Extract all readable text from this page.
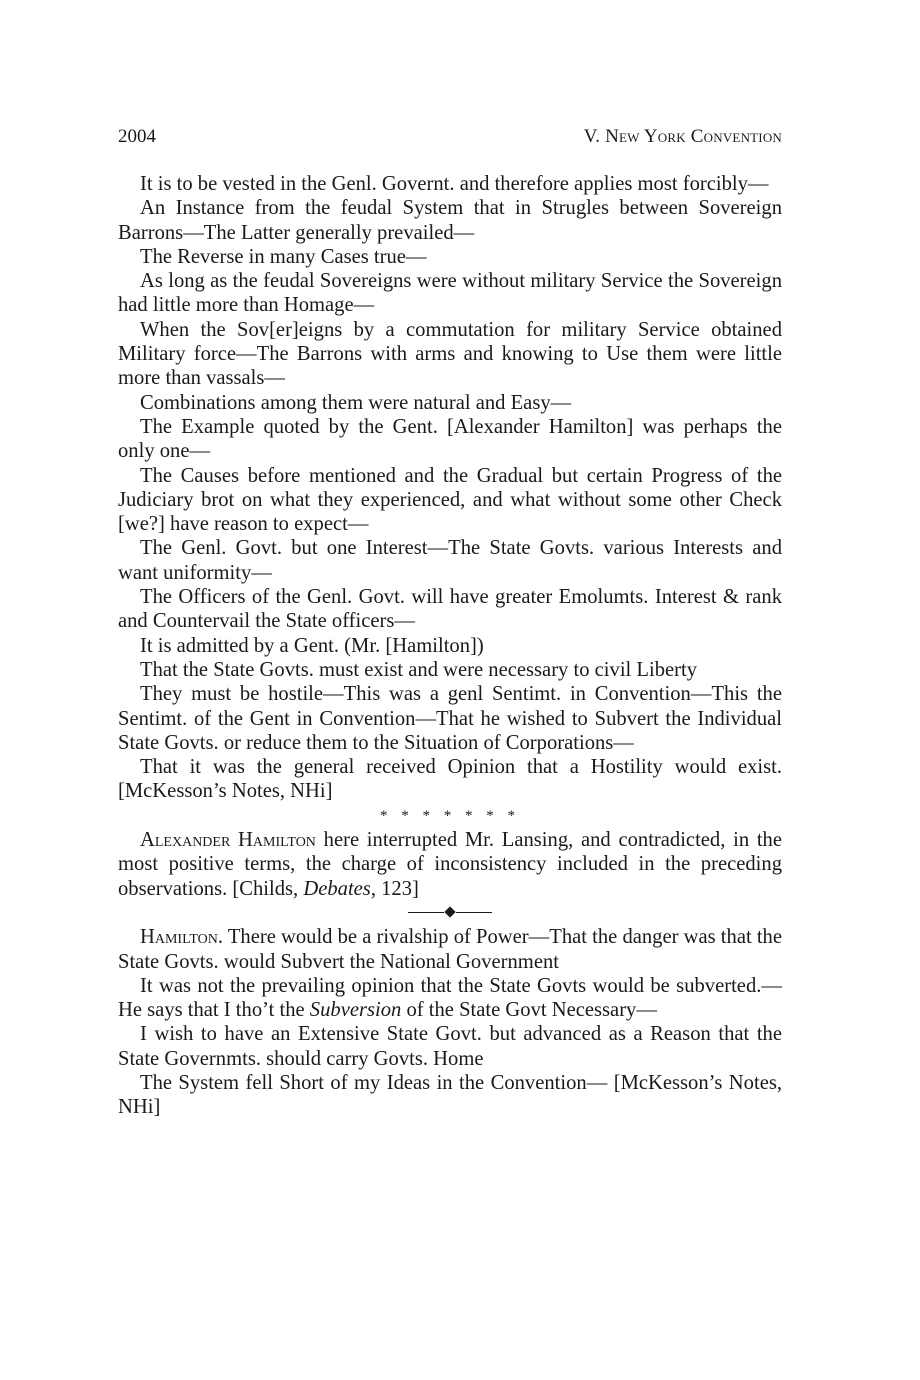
2004	V. New York Convention

It is to be vested in the Genl. Governt. and therefore applies most forcibly—

An Instance from the feudal System that in Strugles between Sovereign Barrons—The Latter generally prevailed—

The Reverse in many Cases true—

As long as the feudal Sovereigns were without military Service the Sovereign had little more than Homage—

When the Sov[er]eigns by a commutation for military Service obtained Military force—The Barrons with arms and knowing to Use them were little more than vassals—

Combinations among them were natural and Easy—

The Example quoted by the Gent. [Alexander Hamilton] was perhaps the only one—

The Causes before mentioned and the Gradual but certain Progress of the Judiciary brot on what they experienced, and what without some other Check [we?] have reason to expect—

The Genl. Govt. but one Interest—The State Govts. various Interests and want uniformity—

The Officers of the Genl. Govt. will have greater Emolumts. Interest & rank and Countervail the State officers—

It is admitted by a Gent. (Mr. [Hamilton])

That the State Govts. must exist and were necessary to civil Liberty

They must be hostile—This was a genl Sentimt. in Convention—This the Sentimt. of the Gent in Convention—That he wished to Subvert the Individual State Govts. or reduce them to the Situation of Corporations—

That it was the general received Opinion that a Hostility would exist. [McKesson’s Notes, NHi]

* * * * * * *

Alexander Hamilton here interrupted Mr. Lansing, and contradicted, in the most positive terms, the charge of inconsistency included in the preceding observations. [Childs, Debates, 123]

Hamilton. There would be a rivalship of Power—That the danger was that the State Govts. would Subvert the National Government

It was not the prevailing opinion that the State Govts would be subverted.—He says that I tho’t the Subversion of the State Govt Necessary—

I wish to have an Extensive State Govt. but advanced as a Reason that the State Governmts. should carry Govts. Home

The System fell Short of my Ideas in the Convention— [McKesson’s Notes, NHi]
